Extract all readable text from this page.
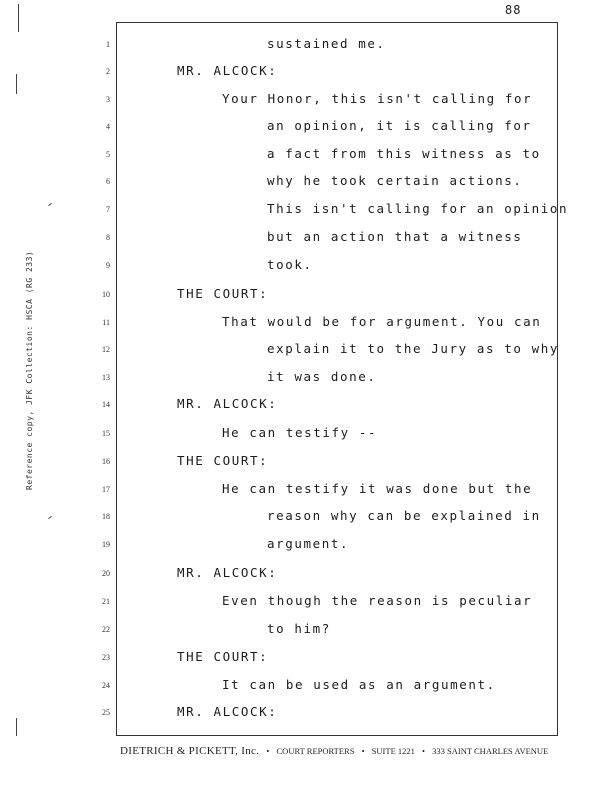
88
Reference copy, JFK Collection: HSCA (RG 233)
1
2
3
4
5
6
7
8
9
10
11
12
13
14
15
16
17
18
19
20
21
22
23
24
25
sustained me.
MR. ALCOCK:
Your Honor, this isn't calling for
an opinion, it is calling for
a fact from this witness as to
why he took certain actions.
This isn't calling for an opinion
but an action that a witness
took.
THE COURT:
That would be for argument. You can
explain it to the Jury as to why
it was done.
MR. ALCOCK:
He can testify --
THE COURT:
He can testify it was done but the
reason why can be explained in
argument.
MR. ALCOCK:
Even though the reason is peculiar
to him?
THE COURT:
It can be used as an argument.
MR. ALCOCK:
DIETRICH & PICKETT, Inc. • COURT REPORTERS • SUITE 1221 • 333 SAINT CHARLES AVENUE
